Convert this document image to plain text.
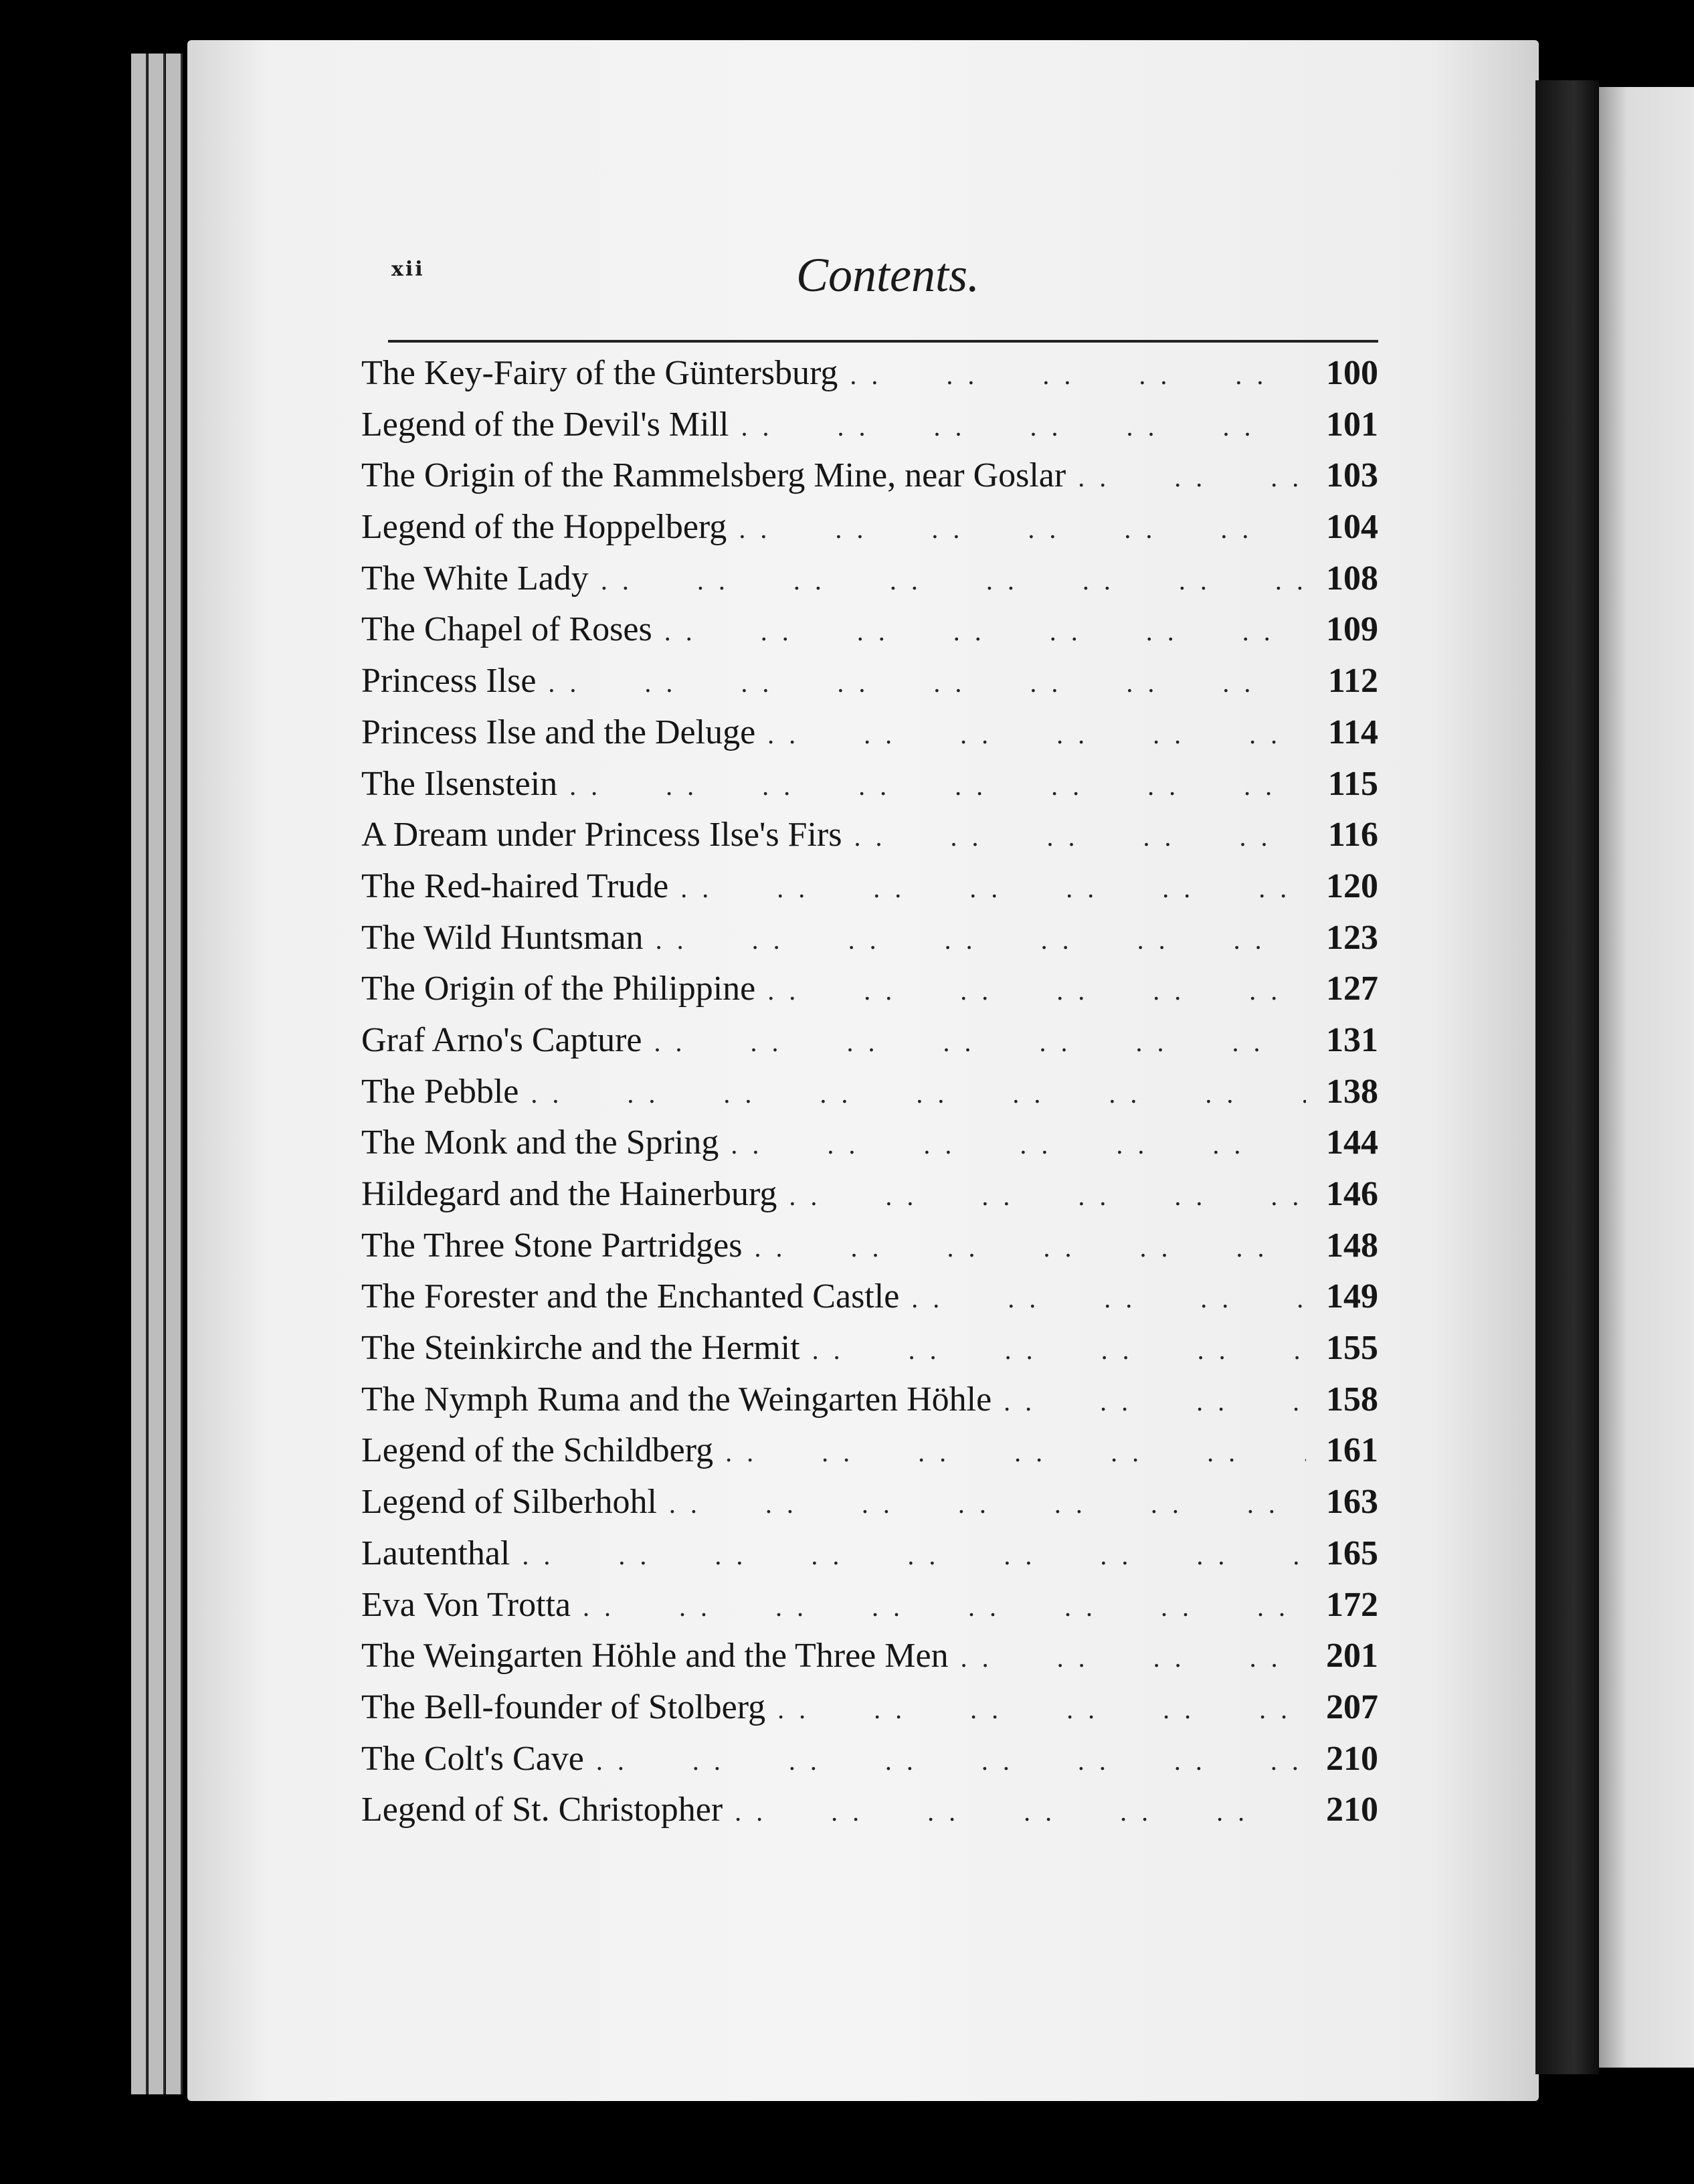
xii	Contents.
The Key-Fairy of the Güntersburg . .	100
Legend of the Devil's Mill . .	101
The Origin of the Rammelsberg Mine, near Goslar . .	103
Legend of the Hoppelberg . .	104
The White Lady . .	108
The Chapel of Roses . .	109
Princess Ilse . .	112
Princess Ilse and the Deluge . .	114
The Ilsenstein . .	115
A Dream under Princess Ilse's Firs . .	116
The Red-haired Trude . .	120
The Wild Huntsman . .	123
The Origin of the Philippine . .	127
Graf Arno's Capture . .	131
The Pebble . .	138
The Monk and the Spring . .	144
Hildegard and the Hainerburg . .	146
The Three Stone Partridges . .	148
The Forester and the Enchanted Castle . .	149
The Steinkirche and the Hermit . .	155
The Nymph Ruma and the Weingarten Höhle . .	158
Legend of the Schildberg . .	161
Legend of Silberhohl . .	163
Lautenthal . .	165
Eva Von Trotta . .	172
The Weingarten Höhle and the Three Men . .	201
The Bell-founder of Stolberg . .	207
The Colt's Cave . .	210
Legend of St. Christopher . .	210
